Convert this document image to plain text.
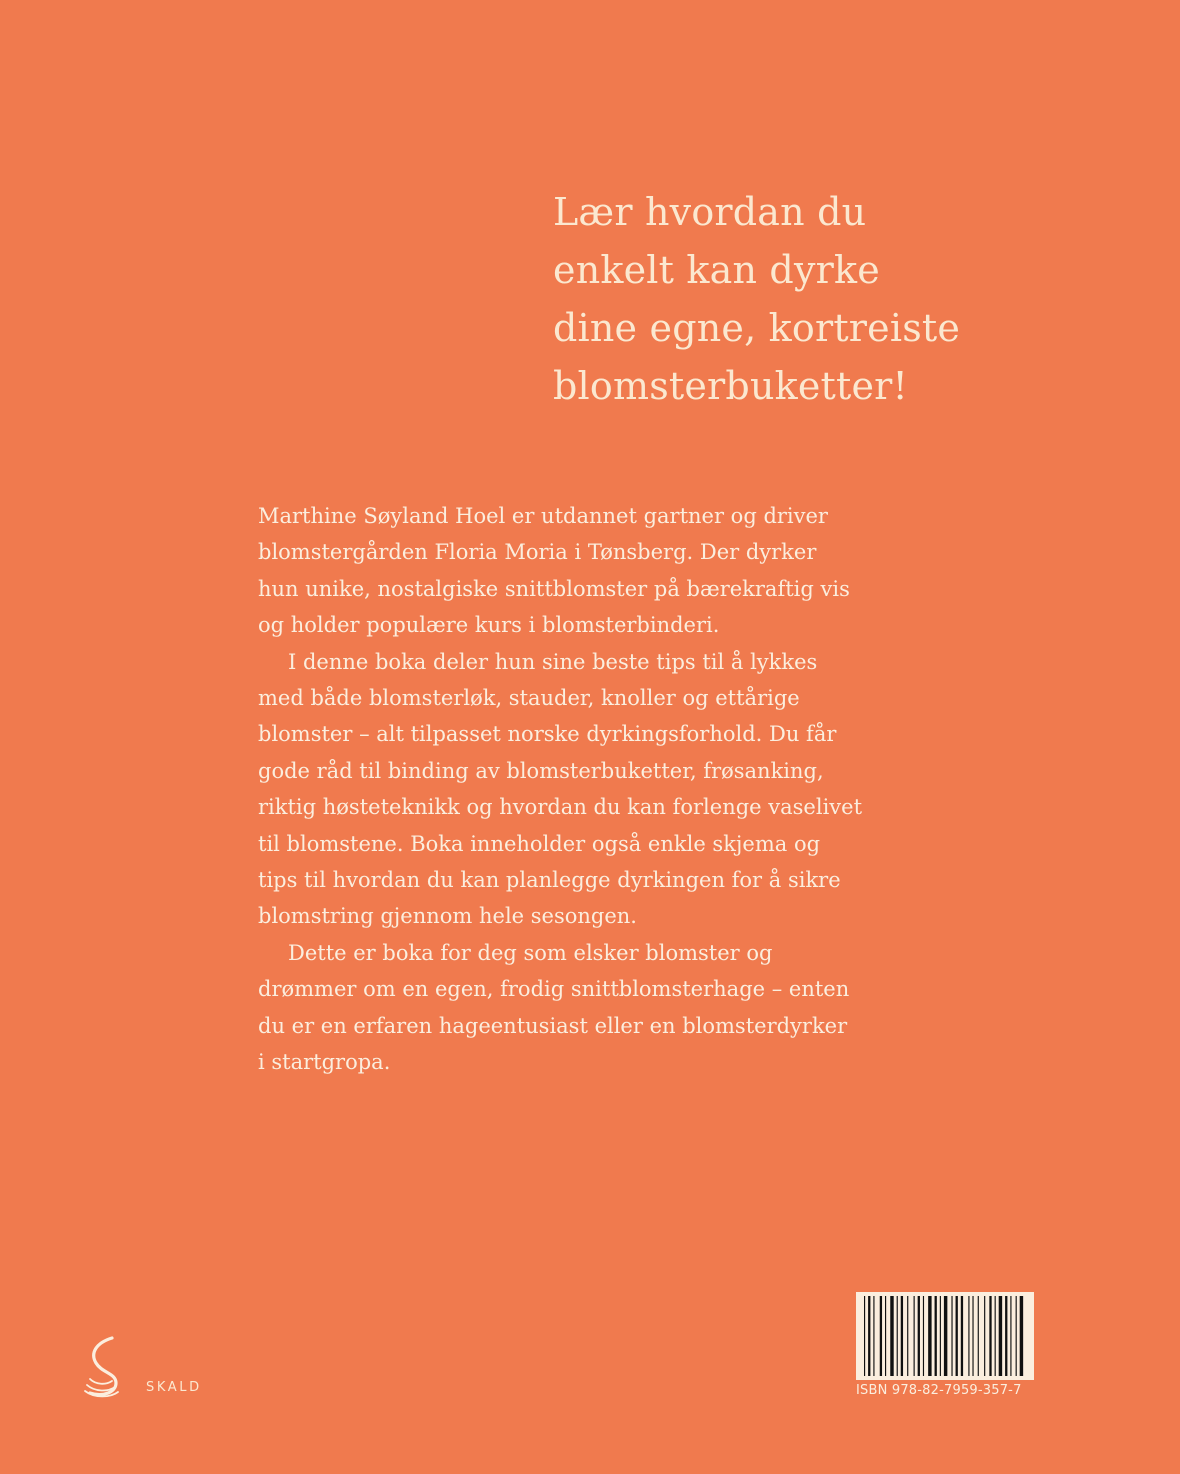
Lær hvordan du
enkelt kan dyrke
dine egne, kortreiste
blomsterbuketter!

Marthine Søyland Hoel er utdannet gartner og driver
blomstergården Floria Moria i Tønsberg. Der dyrker
hun unike, nostalgiske snittblomster på bærekraftig vis
og holder populære kurs i blomsterbinderi.

I denne boka deler hun sine beste tips til å lykkes
med både blomsterløk, stauder, knoller og ettårige
blomster – alt tilpasset norske dyrkingsforhold. Du får
gode råd til binding av blomsterbuketter, frøsanking,
riktig høsteteknikk og hvordan du kan forlenge vaselivet
til blomstene. Boka inneholder også enkle skjema og
tips til hvordan du kan planlegge dyrkingen for å sikre
blomstring gjennom hele sesongen.

Dette er boka for deg som elsker blomster og
drømmer om en egen, frodig snittblomsterhage – enten
du er en erfaren hageentusiast eller en blomsterdyrker
i startgropa.

SKALD	ISBN 978-82-7959-357-7
